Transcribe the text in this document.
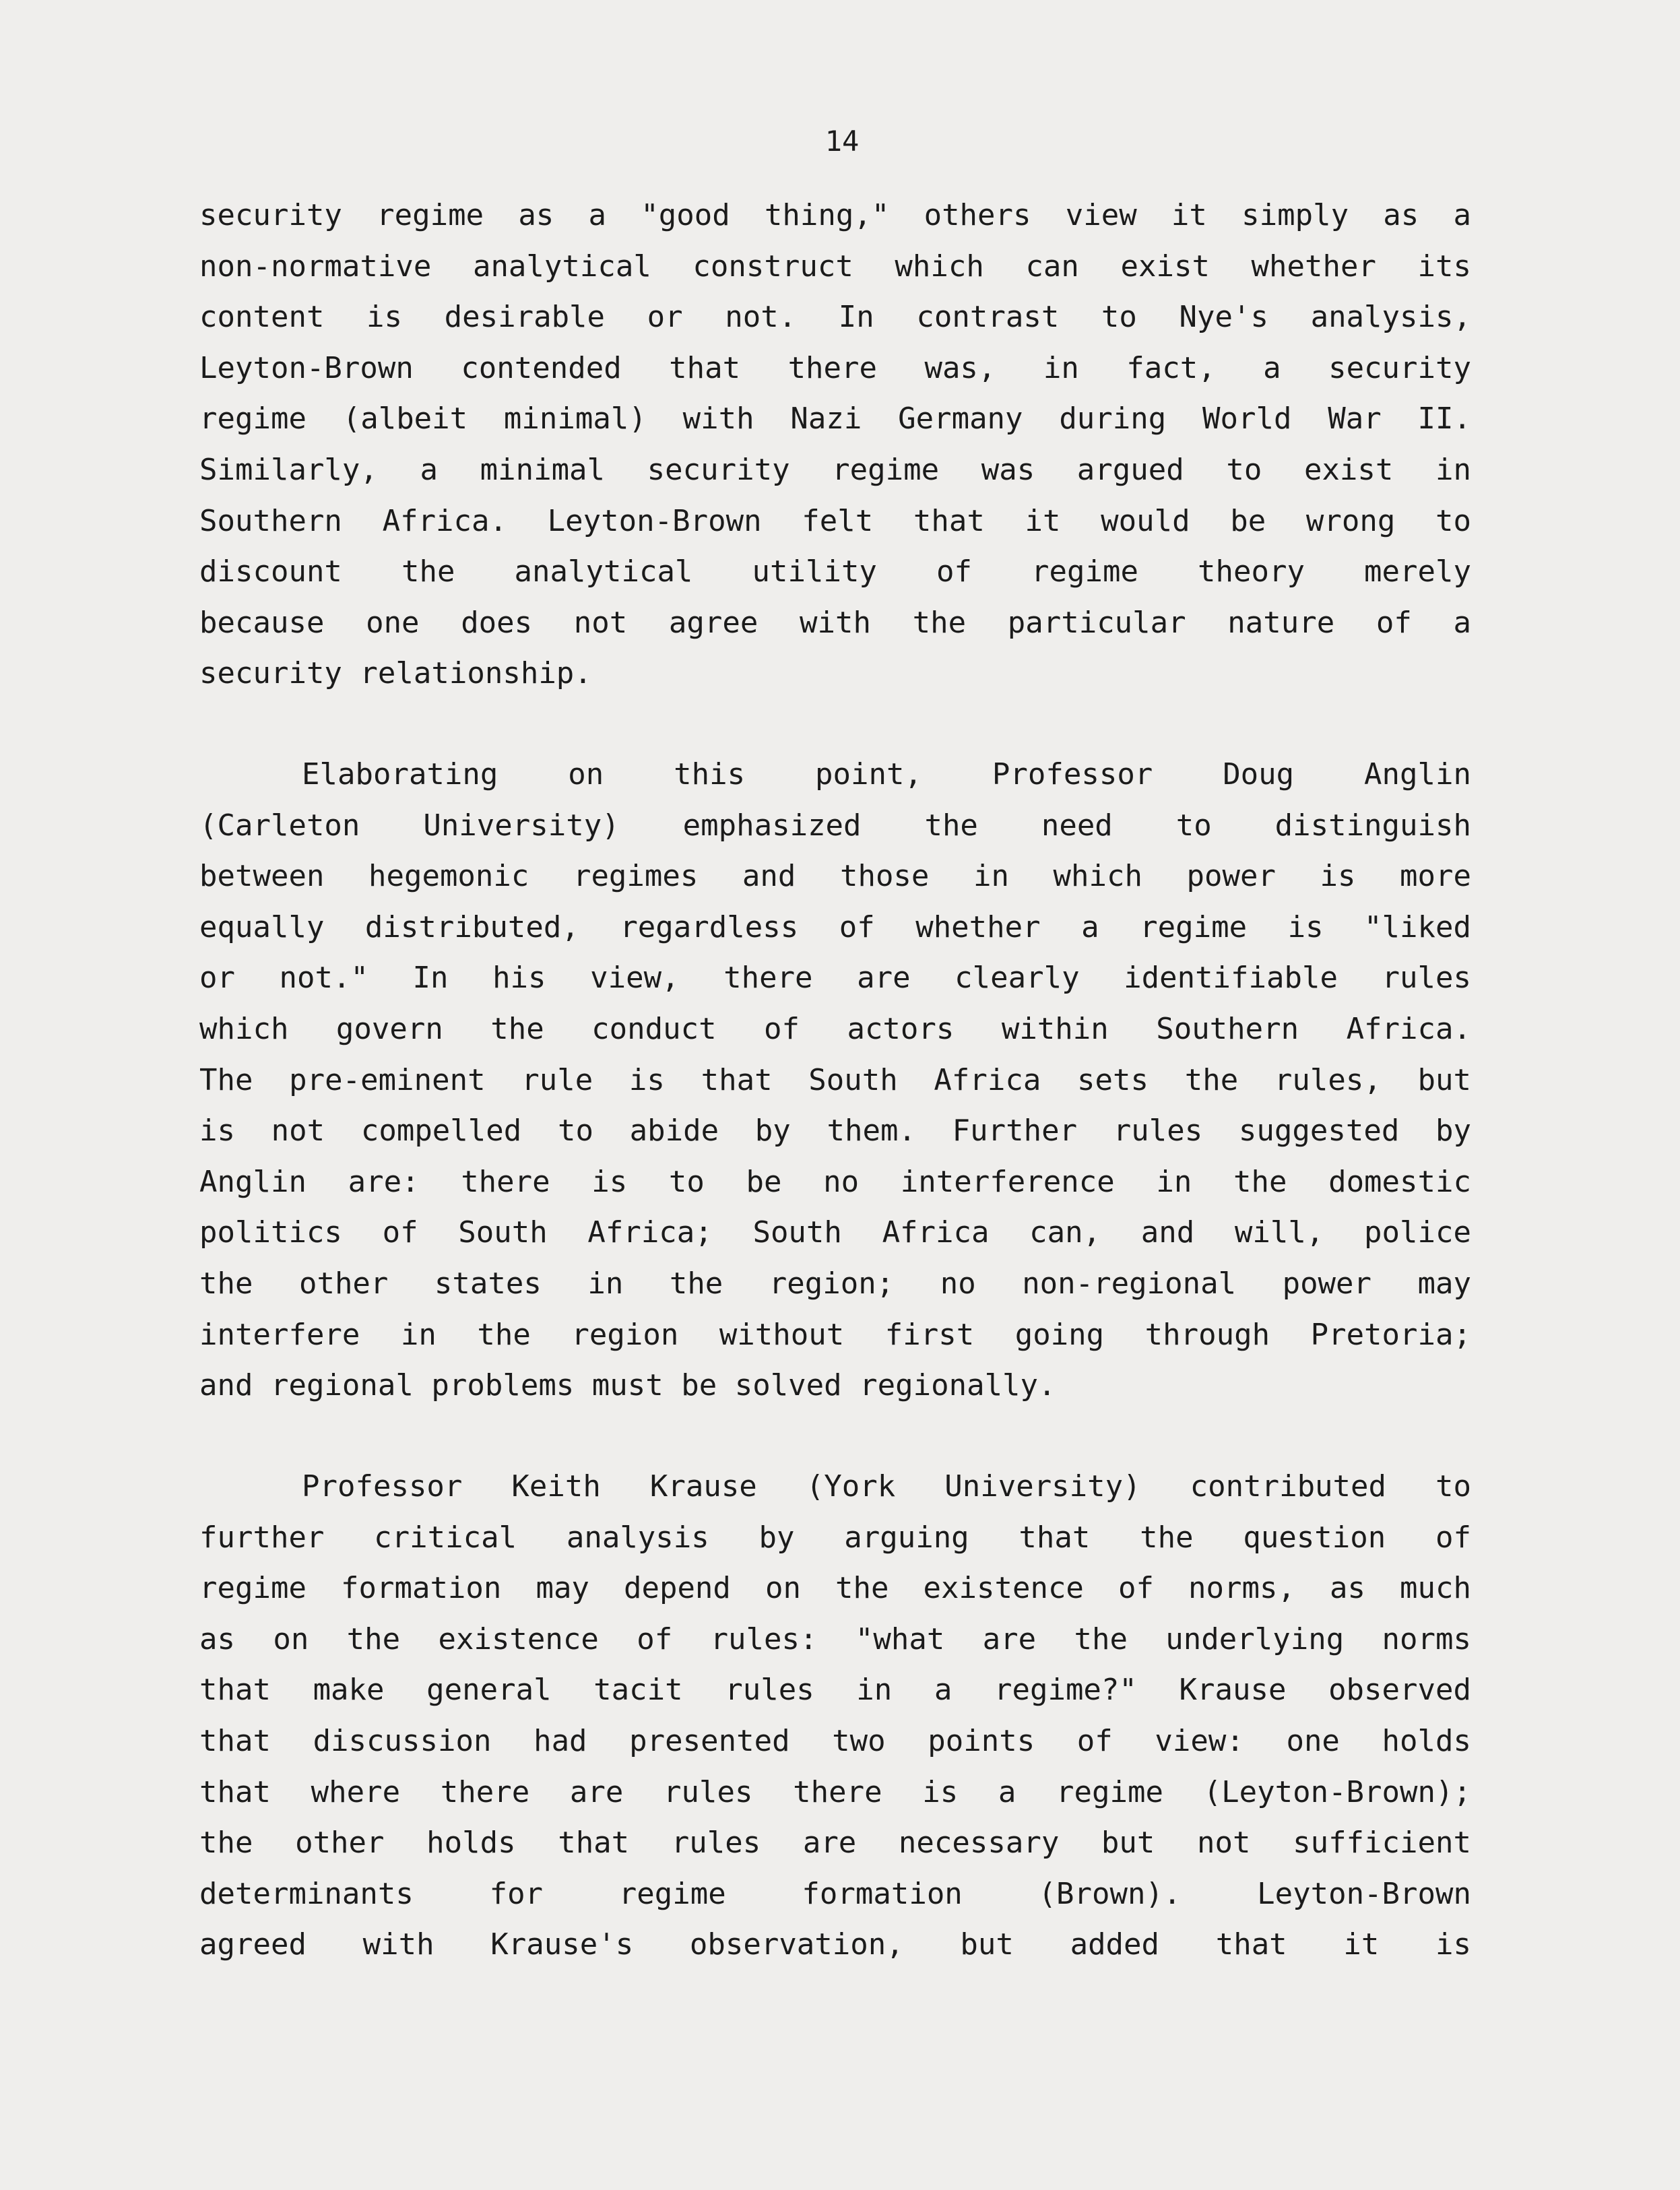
14
security regime as a "good thing," others view it simply as a
non-normative analytical construct which can exist whether its
content is desirable or not. In contrast to Nye's analysis,
Leyton-Brown contended that there was, in fact, a security
regime (albeit minimal) with Nazi Germany during World War II.
Similarly, a minimal security regime was argued to exist in
Southern Africa. Leyton-Brown felt that it would be wrong to
discount the analytical utility of regime theory merely
because one does not agree with the particular nature of a
security relationship.
Elaborating on this point, Professor Doug Anglin
(Carleton University) emphasized the need to distinguish
between hegemonic regimes and those in which power is more
equally distributed, regardless of whether a regime is "liked
or not." In his view, there are clearly identifiable rules
which govern the conduct of actors within Southern Africa.
The pre-eminent rule is that South Africa sets the rules, but
is not compelled to abide by them. Further rules suggested by
Anglin are: there is to be no interference in the domestic
politics of South Africa; South Africa can, and will, police
the other states in the region; no non-regional power may
interfere in the region without first going through Pretoria;
and regional problems must be solved regionally.
Professor Keith Krause (York University) contributed to
further critical analysis by arguing that the question of
regime formation may depend on the existence of norms, as much
as on the existence of rules: "what are the underlying norms
that make general tacit rules in a regime?" Krause observed
that discussion had presented two points of view: one holds
that where there are rules there is a regime (Leyton-Brown);
the other holds that rules are necessary but not sufficient
determinants for regime formation (Brown). Leyton-Brown
agreed with Krause's observation, but added that it is
